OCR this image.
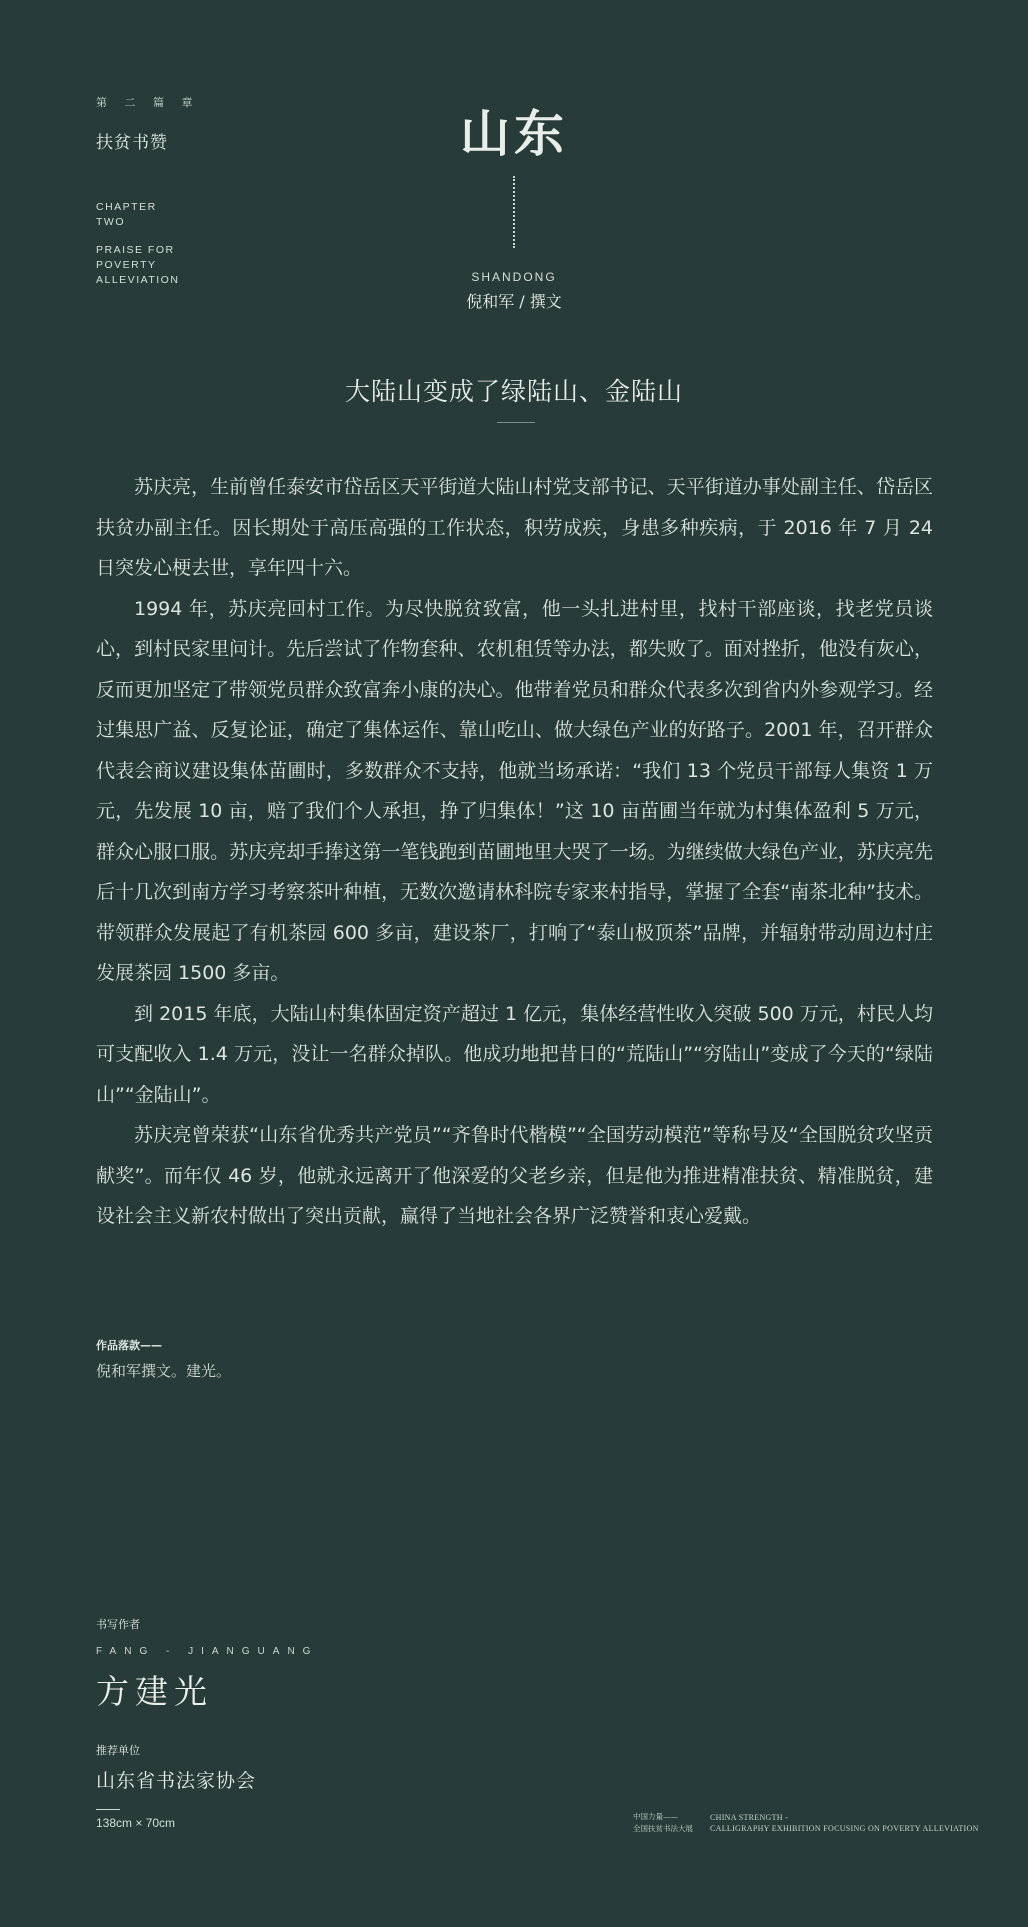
第 二 篇 章
扶贫书赞
CHAPTER
TWO
PRAISE FOR
POVERTY
ALLEVIATION
山东
SHANDONG
倪和军 / 撰文
大陆山变成了绿陆山、金陆山

苏庆亮，生前曾任泰安市岱岳区天平街道大陆山村党支部书记、天平街道办事处副主任、岱岳区扶贫办副主任。因长期处于高压高强的工作状态，积劳成疾，身患多种疾病，于 2016 年 7 月 24 日突发心梗去世，享年四十六。

1994 年，苏庆亮回村工作。为尽快脱贫致富，他一头扎进村里，找村干部座谈，找老党员谈心，到村民家里问计。先后尝试了作物套种、农机租赁等办法，都失败了。面对挫折，他没有灰心，反而更加坚定了带领党员群众致富奔小康的决心。他带着党员和群众代表多次到省内外参观学习。经过集思广益、反复论证，确定了集体运作、靠山吃山、做大绿色产业的好路子。2001 年，召开群众代表会商议建设集体苗圃时，多数群众不支持，他就当场承诺：“我们 13 个党员干部每人集资 1 万元，先发展 10 亩，赔了我们个人承担，挣了归集体！”这 10 亩苗圃当年就为村集体盈利 5 万元，群众心服口服。苏庆亮却手捧这第一笔钱跑到苗圃地里大哭了一场。为继续做大绿色产业，苏庆亮先后十几次到南方学习考察茶叶种植，无数次邀请林科院专家来村指导，掌握了全套“南茶北种”技术。带领群众发展起了有机茶园 600 多亩，建设茶厂，打响了“泰山极顶茶”品牌，并辐射带动周边村庄发展茶园 1500 多亩。

到 2015 年底，大陆山村集体固定资产超过 1 亿元，集体经营性收入突破 500 万元，村民人均可支配收入 1.4 万元，没让一名群众掉队。他成功地把昔日的“荒陆山”“穷陆山”变成了今天的“绿陆山”“金陆山”。

苏庆亮曾荣获“山东省优秀共产党员”“齐鲁时代楷模”“全国劳动模范”等称号及“全国脱贫攻坚贡献奖”。而年仅 46 岁，他就永远离开了他深爱的父老乡亲，但是他为推进精准扶贫、精准脱贫，建设社会主义新农村做出了突出贡献，赢得了当地社会各界广泛赞誉和衷心爱戴。

作品落款——
倪和军撰文。建光。
书写作者
FANG - JIANGUANG
方建光
推荐单位
山东省书法家协会
138cm × 70cm	中国力量——
全国扶贫书法大展
CHINA STRENGTH -
CALLIGRAPHY EXHIBITION FOCUSING ON POVERTY ALLEVIATION
